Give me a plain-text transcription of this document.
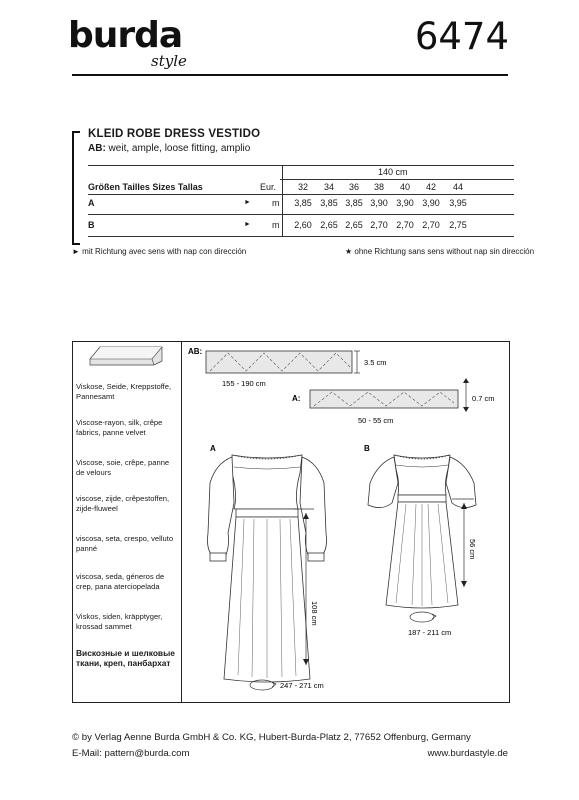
burda
style
6474
KLEID ROBE DRESS VESTIDO
AB: weit, ample, loose fitting, amplio
140 cm
Größen Tailles Sizes Tallas	Eur.	32	34	36	38	40	42	44
A	► m 3,85 3,85 3,85 3,90 3,90 3,90 3,95
B	► m 2,60 2,65 2,65 2,70 2,70 2,70 2,75
► mit Richtung avec sens with nap con dirección	★ ohne Richtung sans sens without nap sin dirección
Viskose, Seide, Kreppstoffe, Pannesamt
Viscose-rayon, silk, crêpe fabrics, panne velvet
Viscose, soie, crêpe, panne de velours
viscose, zijde, crêpestoffen, zijde-fluweel
viscosa, seta, crespo, velluto panné
viscosa, seda, géneros de crep, pana aterciopelada
Viskos, siden, kräpptyger, krossad sammet
Вискозные и шелковые ткани, креп, панбархат
AB:
3.5 cm
155 - 190 cm
A:	0.7 cm
50 - 55 cm
A
108 cm
247 - 271 cm
B
56 cm
187 - 211 cm
© by Verlag Aenne Burda GmbH & Co. KG, Hubert-Burda-Platz 2, 77652 Offenburg, Germany
E-Mail: pattern@burda.com	www.burdastyle.de
